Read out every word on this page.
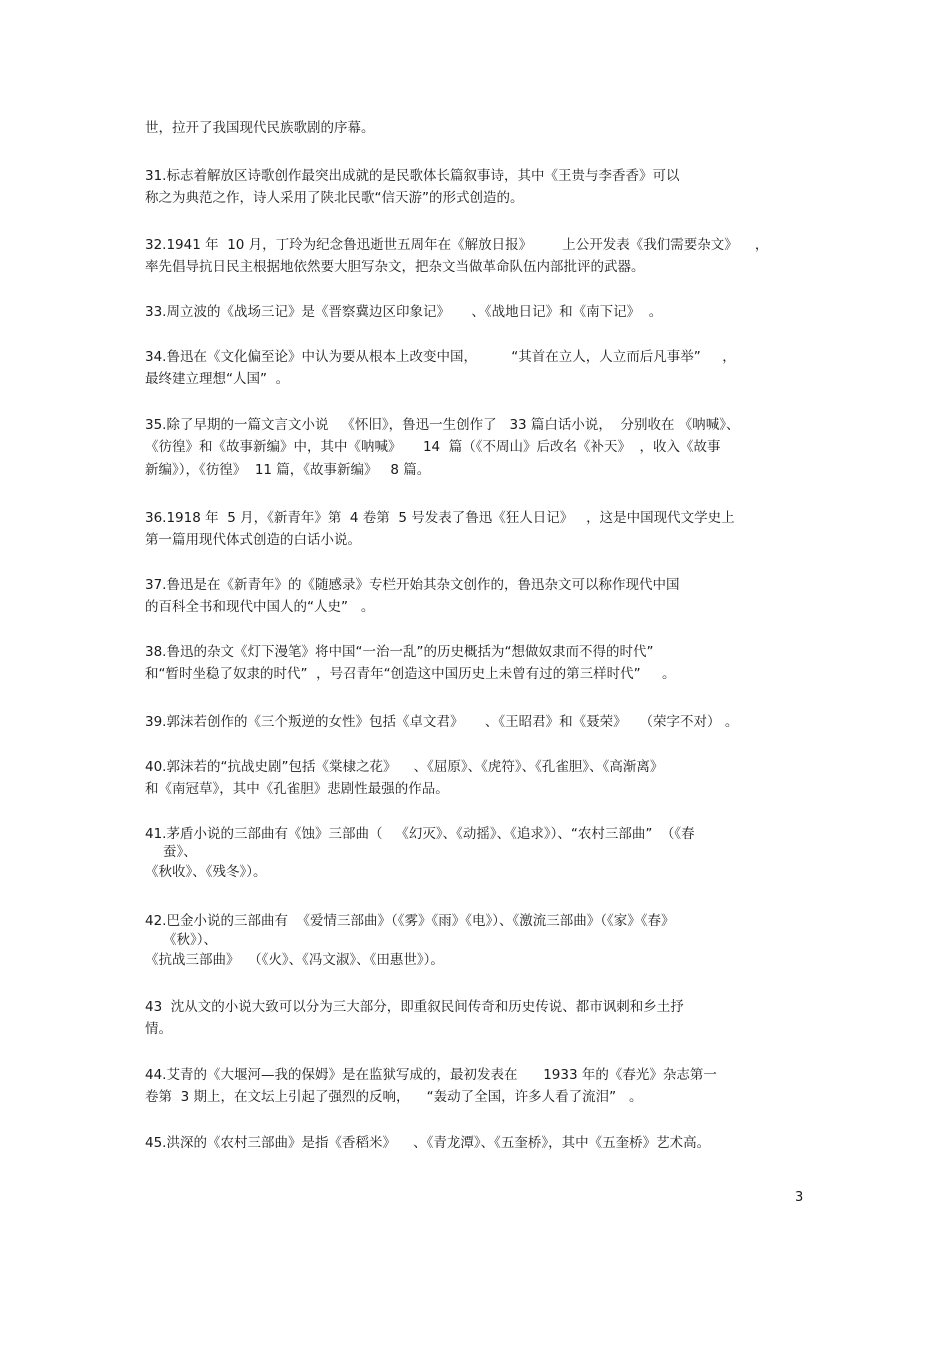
世，拉开了我国现代民族歌剧的序幕。
31.标志着解放区诗歌创作最突出成就的是民歌体长篇叙事诗，其中《王贵与李香香》可以
称之为典范之作，诗人采用了陕北民歌“信天游”的形式创造的。
32.1941 年  10 月，丁玲为纪念鲁迅逝世五周年在《解放日报》       上公开发表《我们需要杂文》    ，
率先倡导抗日民主根据地依然要大胆写杂文，把杂文当做革命队伍内部批评的武器。
33.周立波的《战场三记》是《晋察冀边区印象记》     、《战地日记》和《南下记》  。
34.鲁迅在《文化偏至论》中认为要从根本上改变中国，        “其首在立人，人立而后凡事举”     ，
最终建立理想“人国”  。
35.除了早期的一篇文言文小说   《怀旧》，鲁迅一生创作了   33 篇白话小说，  分别收在 《呐喊》、
《彷徨》和《故事新编》中，其中《呐喊》     14  篇（《不周山》后改名《补天》  ，收入《故事
新编》），《彷徨》  11 篇，《故事新编》   8 篇。
36.1918 年  5 月，《新青年》第  4 卷第  5 号发表了鲁迅《狂人日记》   ，这是中国现代文学史上
第一篇用现代体式创造的白话小说。
37.鲁迅是在《新青年》的《随感录》专栏开始其杂文创作的，鲁迅杂文可以称作现代中国
的百科全书和现代中国人的“人史”   。
38.鲁迅的杂文《灯下漫笔》将中国“一治一乱”的历史概括为“想做奴隶而不得的时代”
和“暂时坐稳了奴隶的时代”  ，号召青年“创造这中国历史上未曾有过的第三样时代”     。
39.郭沫若创作的《三个叛逆的女性》包括《卓文君》     、《王昭君》和《聂荣》   （荣字不对） 。
40.郭沫若的“抗战史剧”包括《棠棣之花》    、《屈原》、《虎符》、《孔雀胆》、《高渐离》
和《南冠草》，其中《孔雀胆》悲剧性最强的作品。
41.茅盾小说的三部曲有《蚀》三部曲（   《幻灭》、《动摇》、《追求》）、“农村三部曲”  （《春
蚕》、
《秋收》、《残冬》）。
42.巴金小说的三部曲有  《爱情三部曲》（《雾》《雨》《电》）、《激流三部曲》（《家》《春》
《秋》）、
《抗战三部曲》  （《火》、《冯文淑》、《田惠世》）。
43  沈从文的小说大致可以分为三大部分，即重叙民间传奇和历史传说、都市讽刺和乡土抒
情。
44.艾青的《大堰河—我的保姆》是在监狱写成的，最初发表在      1933 年的《春光》杂志第一
卷第  3 期上，在文坛上引起了强烈的反响，    “轰动了全国，许多人看了流泪”   。
45.洪深的《农村三部曲》是指《香稻米》    、《青龙潭》、《五奎桥》，其中《五奎桥》艺术高。
3
